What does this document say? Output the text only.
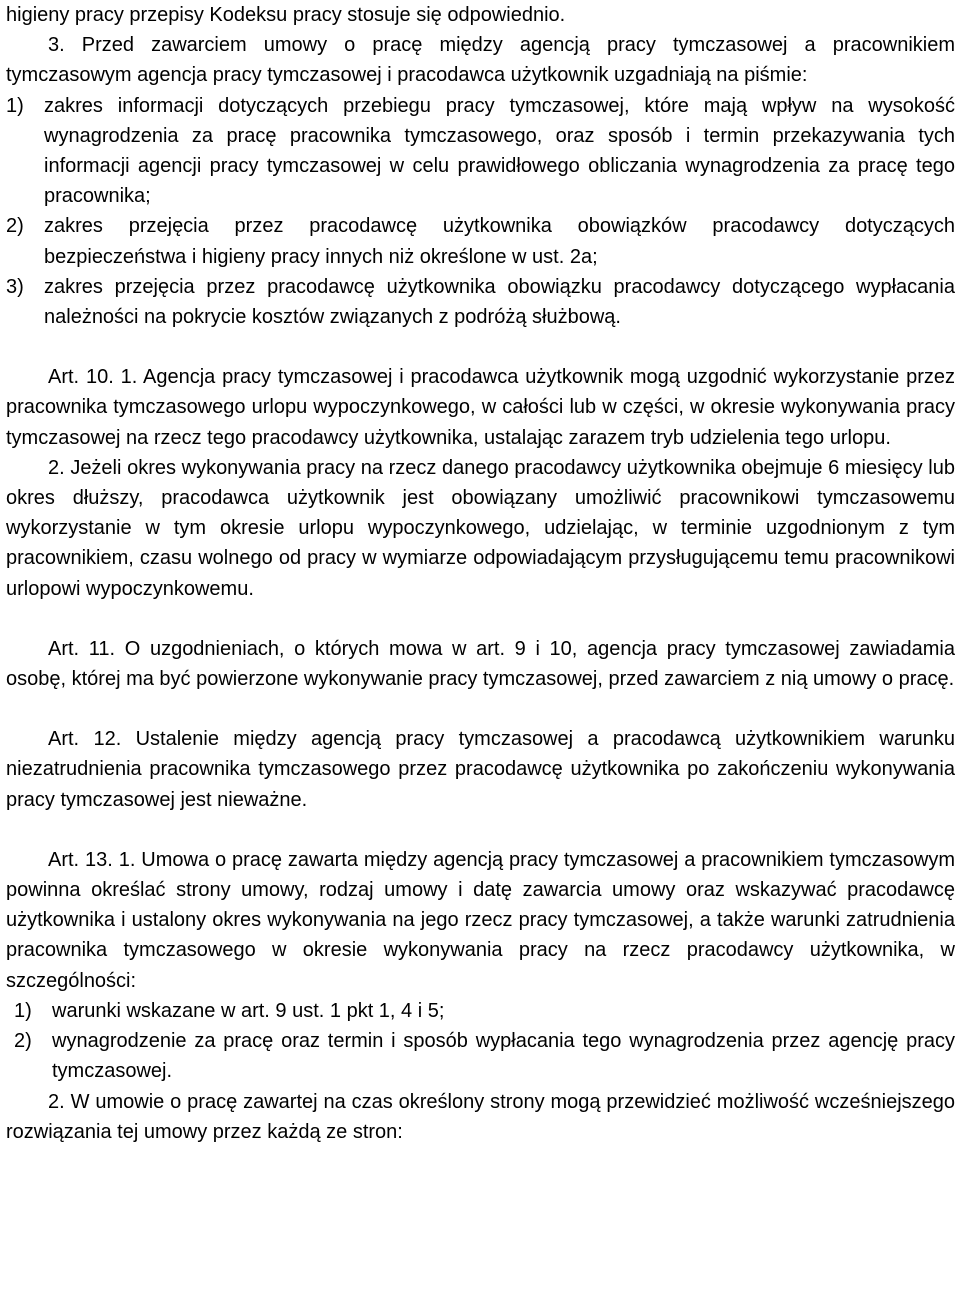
higieny pracy przepisy Kodeksu pracy stosuje się odpowiednio.

3. Przed zawarciem umowy o pracę między agencją pracy tymczasowej a pracownikiem tymczasowym agencja pracy tymczasowej i pracodawca użytkownik uzgadniają na piśmie:

1)	zakres informacji dotyczących przebiegu pracy tymczasowej, które mają wpływ na wysokość wynagrodzenia za pracę pracownika tymczasowego, oraz sposób i termin przekazywania tych informacji agencji pracy tymczasowej w celu prawidłowego obliczania wynagrodzenia za pracę tego pracownika;
2)	zakres przejęcia przez pracodawcę użytkownika obowiązków pracodawcy dotyczących bezpieczeństwa i higieny pracy innych niż określone w ust. 2a;
3)	zakres przejęcia przez pracodawcę użytkownika obowiązku pracodawcy dotyczącego wypłacania należności na pokrycie kosztów związanych z podróżą służbową.

Art. 10. 1. Agencja pracy tymczasowej i pracodawca użytkownik mogą uzgodnić wykorzystanie przez pracownika tymczasowego urlopu wypoczynkowego, w całości lub w części, w okresie wykonywania pracy tymczasowej na rzecz tego pracodawcy użytkownika, ustalając zarazem tryb udzielenia tego urlopu.

2. Jeżeli okres wykonywania pracy na rzecz danego pracodawcy użytkownika obejmuje 6 miesięcy lub okres dłuższy, pracodawca użytkownik jest obowiązany umożliwić pracownikowi tymczasowemu wykorzystanie w tym okresie urlopu wypoczynkowego, udzielając, w terminie uzgodnionym z tym pracownikiem, czasu wolnego od pracy w wymiarze odpowiadającym przysługującemu temu pracownikowi urlopowi wypoczynkowemu.

Art. 11. O uzgodnieniach, o których mowa w art. 9 i 10, agencja pracy tymczasowej zawiadamia osobę, której ma być powierzone wykonywanie pracy tymczasowej, przed zawarciem z nią umowy o pracę.

Art. 12. Ustalenie między agencją pracy tymczasowej a pracodawcą użytkownikiem warunku niezatrudnienia pracownika tymczasowego przez pracodawcę użytkownika po zakończeniu wykonywania pracy tymczasowej jest nieważne.

Art. 13. 1. Umowa o pracę zawarta między agencją pracy tymczasowej a pracownikiem tymczasowym powinna określać strony umowy, rodzaj umowy i datę zawarcia umowy oraz wskazywać pracodawcę użytkownika i ustalony okres wykonywania na jego rzecz pracy tymczasowej, a także warunki zatrudnienia pracownika tymczasowego w okresie wykonywania pracy na rzecz pracodawcy użytkownika, w szczególności:

1)	warunki wskazane w art. 9 ust. 1 pkt 1, 4 i 5;
2)	wynagrodzenie za pracę oraz termin i sposób wypłacania tego wynagrodzenia przez agencję pracy tymczasowej.

2. W umowie o pracę zawartej na czas określony strony mogą przewidzieć możliwość wcześniejszego rozwiązania tej umowy przez każdą ze stron:
